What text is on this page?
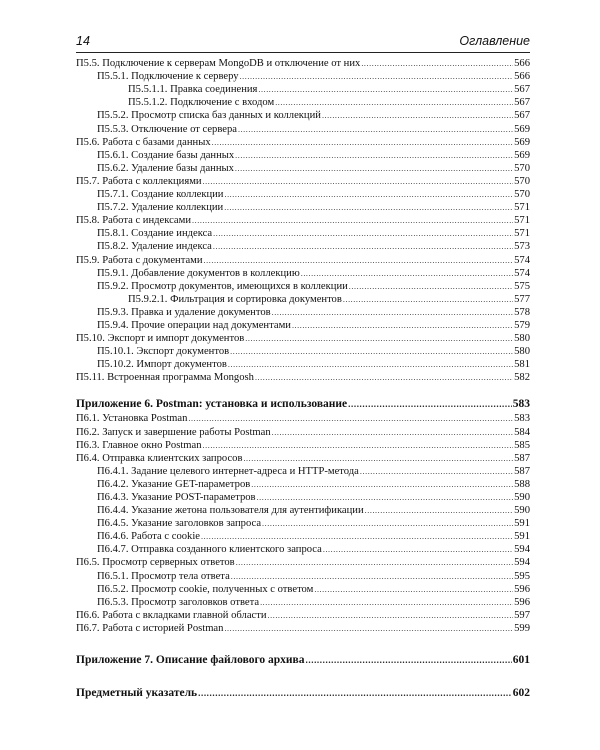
14	Оглавление
П5.5. Подключение к серверам MongoDB и отключение от них .....	566
П5.5.1. Подключение к серверу .....	566
П5.5.1.1. Правка соединения .....	567
П5.5.1.2. Подключение с входом .....	567
П5.5.2. Просмотр списка баз данных и коллекций .....	567
П5.5.3. Отключение от сервера .....	569
П5.6. Работа с базами данных .....	569
П5.6.1. Создание базы данных .....	569
П5.6.2. Удаление базы данных .....	570
П5.7. Работа с коллекциями .....	570
П5.7.1. Создание коллекции .....	570
П5.7.2. Удаление коллекции .....	571
П5.8. Работа с индексами .....	571
П5.8.1. Создание индекса .....	571
П5.8.2. Удаление индекса .....	573
П5.9. Работа с документами .....	574
П5.9.1. Добавление документов в коллекцию .....	574
П5.9.2. Просмотр документов, имеющихся в коллекции .....	575
П5.9.2.1. Фильтрация и сортировка документов .....	577
П5.9.3. Правка и удаление документов .....	578
П5.9.4. Прочие операции над документами .....	579
П5.10. Экспорт и импорт документов .....	580
П5.10.1. Экспорт документов .....	580
П5.10.2. Импорт документов .....	581
П5.11. Встроенная программа Mongosh .....	582
Приложение 6. Postman: установка и использование .....	583
П6.1. Установка Postman .....	583
П6.2. Запуск и завершение работы Postman .....	584
П6.3. Главное окно Postman .....	585
П6.4. Отправка клиентских запросов .....	587
П6.4.1. Задание целевого интернет-адреса и HTTP-метода .....	587
П6.4.2. Указание GET-параметров .....	588
П6.4.3. Указание POST-параметров .....	590
П6.4.4. Указание жетона пользователя для аутентификации .....	590
П6.4.5. Указание заголовков запроса .....	591
П6.4.6. Работа с cookie .....	591
П6.4.7. Отправка созданного клиентского запроса .....	594
П6.5. Просмотр серверных ответов .....	594
П6.5.1. Просмотр тела ответа .....	595
П6.5.2. Просмотр cookie, полученных с ответом .....	596
П6.5.3. Просмотр заголовков ответа .....	596
П6.6. Работа с вкладками главной области .....	597
П6.7. Работа с историей Postman .....	599
Приложение 7. Описание файлового архива .....	601
Предметный указатель .....	602
